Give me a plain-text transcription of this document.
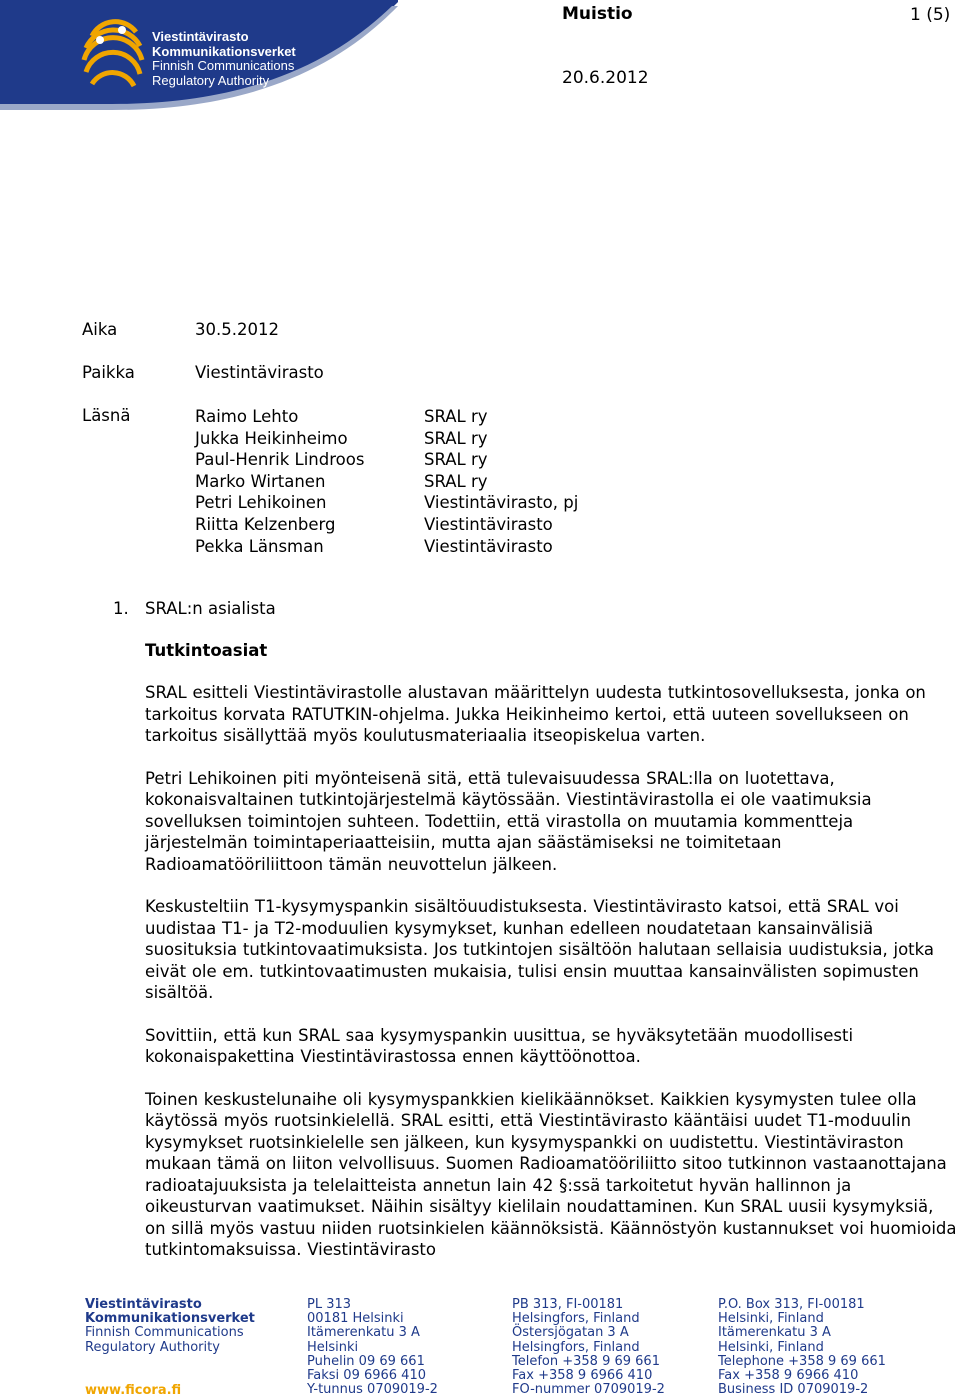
Viestintävirasto
Kommunikationsverket
Finnish Communications
Regulatory Authority
Muistio	1 (5)
20.6.2012
Aika	30.5.2012
Paikka	Viestintävirasto
Läsnä	Raimo Lehto	SRAL ry
Jukka Heikinheimo	SRAL ry
Paul-Henrik Lindroos	SRAL ry
Marko Wirtanen	SRAL ry
Petri Lehikoinen	Viestintävirasto, pj
Riitta Kelzenberg	Viestintävirasto
Pekka Länsman	Viestintävirasto
1. SRAL:n asialista
Tutkintoasiat
SRAL esitteli Viestintävirastolle alustavan määrittelyn uudesta tutkintosovelluksesta, jonka on tarkoitus korvata RATUTKIN-ohjelma. Jukka Heikinheimo kertoi, että uuteen sovellukseen on tarkoitus sisällyttää myös koulutusmateriaalia itseopiskelua varten.
Petri Lehikoinen piti myönteisenä sitä, että tulevaisuudessa SRAL:lla on luotettava, kokonaisvaltainen tutkintojärjestelmä käytössään. Viestintävirastolla ei ole vaatimuksia sovelluksen toimintojen suhteen. Todettiin, että virastolla on muutamia kommentteja järjestelmän toimintaperiaatteisiin, mutta ajan säästämiseksi ne toimitetaan Radioamatööriliittoon tämän neuvottelun jälkeen.
Keskusteltiin T1-kysymyspankin sisältöuudistuksesta. Viestintävirasto katsoi, että SRAL voi uudistaa T1- ja T2-moduulien kysymykset, kunhan edelleen noudatetaan kansainvälisiä suosituksia tutkintovaatimuksista. Jos tutkintojen sisältöön halutaan sellaisia uudistuksia, jotka eivät ole em. tutkintovaatimusten mukaisia, tulisi ensin muuttaa kansainvälisten sopimusten sisältöä.
Sovittiin, että kun SRAL saa kysymyspankin uusittua, se hyväksytetään muodollisesti kokonaispakettina Viestintävirastossa ennen käyttöönottoa.
Toinen keskustelunaihe oli kysymyspankkien kielikäännökset. Kaikkien kysymysten tulee olla käytössä myös ruotsinkielellä. SRAL esitti, että Viestintävirasto kääntäisi uudet T1-moduulin kysymykset ruotsinkielelle sen jälkeen, kun kysymyspankki on uudistettu. Viestintäviraston mukaan tämä on liiton velvollisuus. Suomen Radioamatööriliitto sitoo tutkinnon vastaanottajana radioatajuuksista ja telelaitteista annetun lain 42 §:ssä tarkoitetut hyvän hallinnon ja oikeusturvan vaatimukset. Näihin sisältyy kielilain noudattaminen. Kun SRAL uusii kysymyksiä, on sillä myös vastuu niiden ruotsinkielen käännöksistä. Käännöstyön kustannukset voi huomioida tutkintomaksuissa. Viestintävirasto
Viestintävirasto
Kommunikationsverket
Finnish Communications
Regulatory Authority
PL 313
00181 Helsinki
Itämerenkatu 3 A
Helsinki
Puhelin 09 69 661
Faksi 09 6966 410
Y-tunnus 0709019-2
PB 313, FI-00181
Helsingfors, Finland
Östersjögatan 3 A
Helsingfors, Finland
Telefon +358 9 69 661
Fax +358 9 6966 410
FO-nummer 0709019-2
P.O. Box 313, FI-00181
Helsinki, Finland
Itämerenkatu 3 A
Helsinki, Finland
Telephone +358 9 69 661
Fax +358 9 6966 410
Business ID 0709019-2
www.ficora.fi
